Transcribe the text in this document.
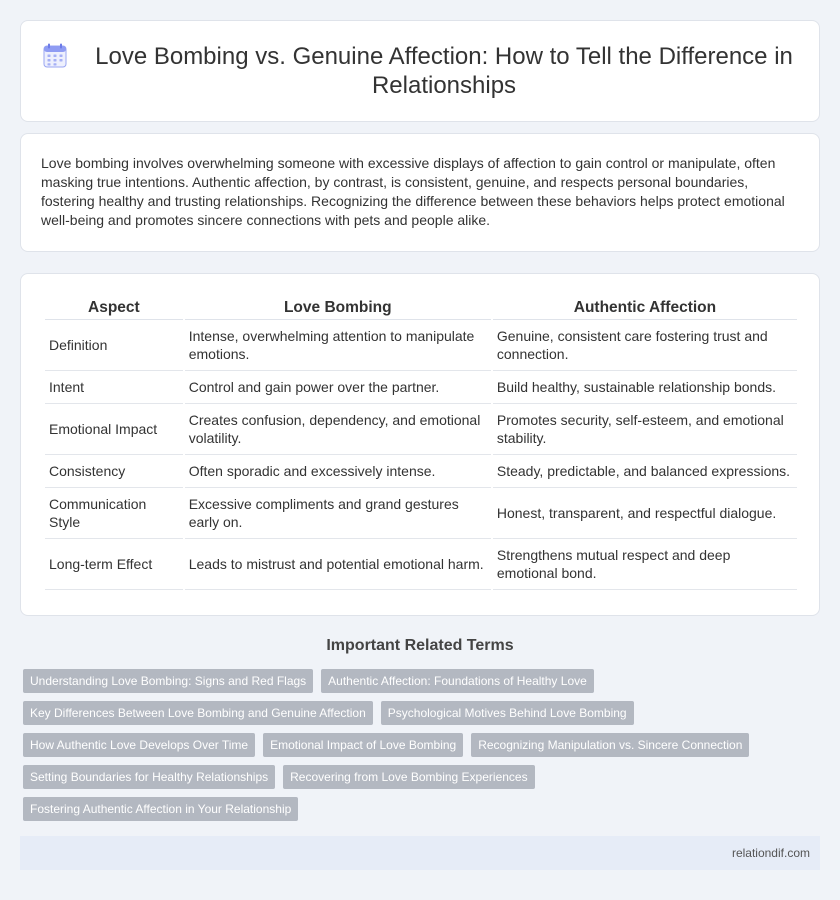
Love Bombing vs. Genuine Affection: How to Tell the Difference in Relationships

Love bombing involves overwhelming someone with excessive displays of affection to gain control or manipulate, often masking true intentions. Authentic affection, by contrast, is consistent, genuine, and respects personal boundaries, fostering healthy and trusting relationships. Recognizing the difference between these behaviors helps protect emotional well-being and promotes sincere connections with pets and people alike.

Aspect	Love Bombing	Authentic Affection
Definition	Intense, overwhelming attention to manipulate emotions.	Genuine, consistent care fostering trust and connection.
Intent	Control and gain power over the partner.	Build healthy, sustainable relationship bonds.
Emotional Impact	Creates confusion, dependency, and emotional volatility.	Promotes security, self-esteem, and emotional stability.
Consistency	Often sporadic and excessively intense.	Steady, predictable, and balanced expressions.
Communication Style	Excessive compliments and grand gestures early on.	Honest, transparent, and respectful dialogue.
Long-term Effect	Leads to mistrust and potential emotional harm.	Strengthens mutual respect and deep emotional bond.
Important Related Terms
Understanding Love Bombing: Signs and Red Flags	Authentic Affection: Foundations of Healthy Love
Key Differences Between Love Bombing and Genuine Affection	Psychological Motives Behind Love Bombing
How Authentic Love Develops Over Time	Emotional Impact of Love Bombing	Recognizing Manipulation vs. Sincere Connection
Setting Boundaries for Healthy Relationships	Recovering from Love Bombing Experiences
Fostering Authentic Affection in Your Relationship
relationdif.com
